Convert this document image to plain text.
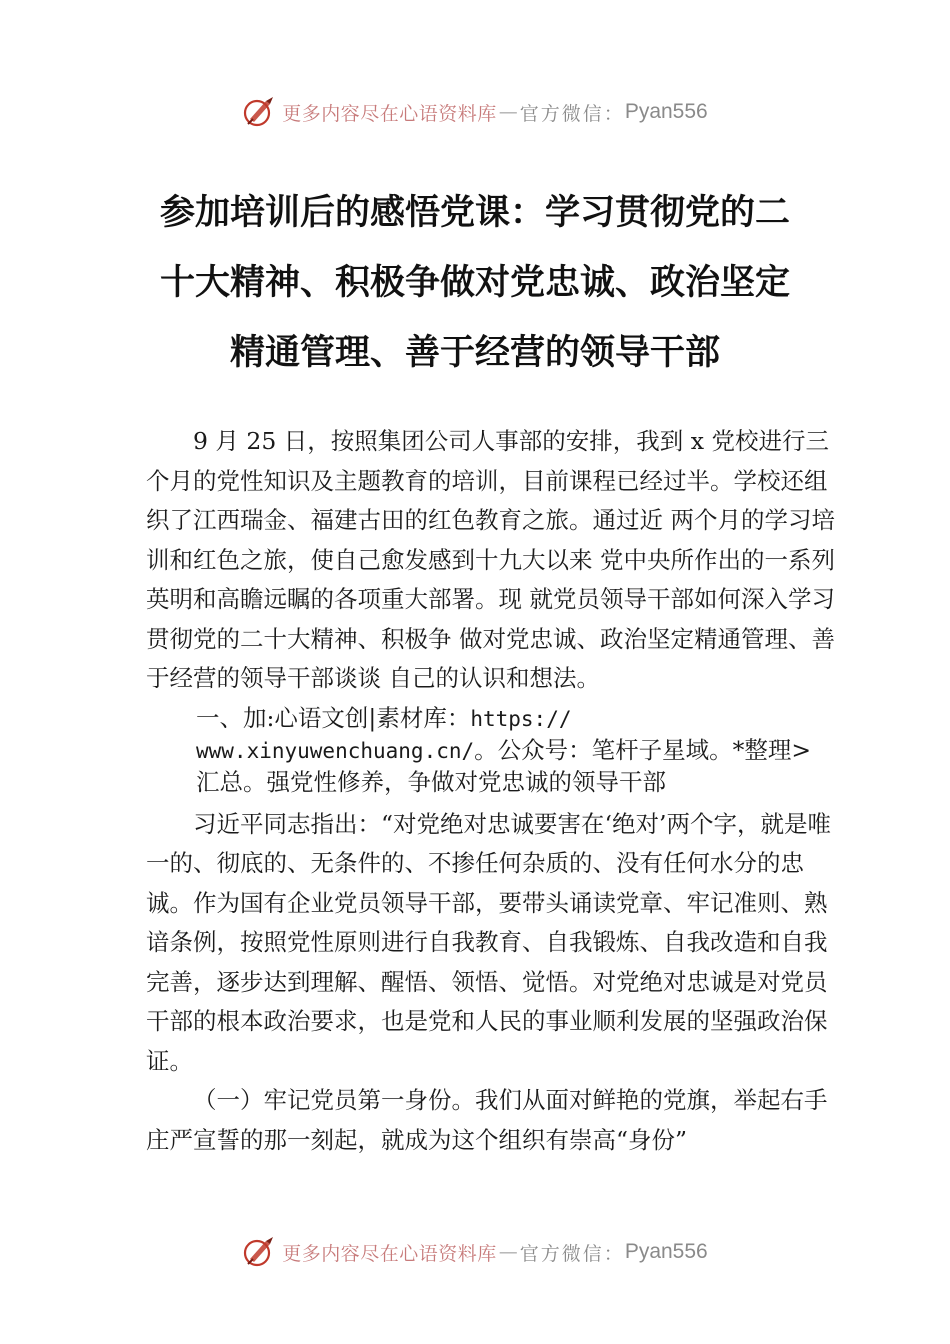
更多内容尽在心语资料库 — 官方微信： Pyan556
参加培训后的感悟党课：学习贯彻党的二
十大精神、积极争做对党忠诚、政治坚定
精通管理、善于经营的领导干部

9 月 25 日，按照集团公司人事部的安排，我到 x 党校进行三个月的党性知识及主题教育的培训，目前课程已经过半。学校还组织了江西瑞金、福建古田的红色教育之旅。通过近 两个月的学习培训和红色之旅，使自己愈发感到十九大以来 党中央所作出的一系列英明和高瞻远瞩的各项重大部署。现 就党员领导干部如何深入学习贯彻党的二十大精神、积极争 做对党忠诚、政治坚定精通管理、善于经营的领导干部谈谈 自己的认识和想法。

一、加:心语文创|素材库：https://
www.xinyuwenchuang.cn/。公众号：笔杆子星域。*整理>
汇总。强党性修养，争做对党忠诚的领导干部

习近平同志指出：“对党绝对忠诚要害在‘绝对’两个字，就是唯一的、彻底的、无条件的、不掺任何杂质的、没有任何水分的忠诚。作为国有企业党员领导干部，要带头诵读党章、牢记准则、熟谙条例，按照党性原则进行自我教育、自我锻炼、自我改造和自我完善，逐步达到理解、醒悟、领悟、觉悟。对党绝对忠诚是对党员干部的根本政治要求，也是党和人民的事业顺利发展的坚强政治保证。

（一）牢记党员第一身份。我们从面对鲜艳的党旗，举起右手庄严宣誓的那一刻起，就成为这个组织有崇高“身份”

更多内容尽在心语资料库 — 官方微信： Pyan556
